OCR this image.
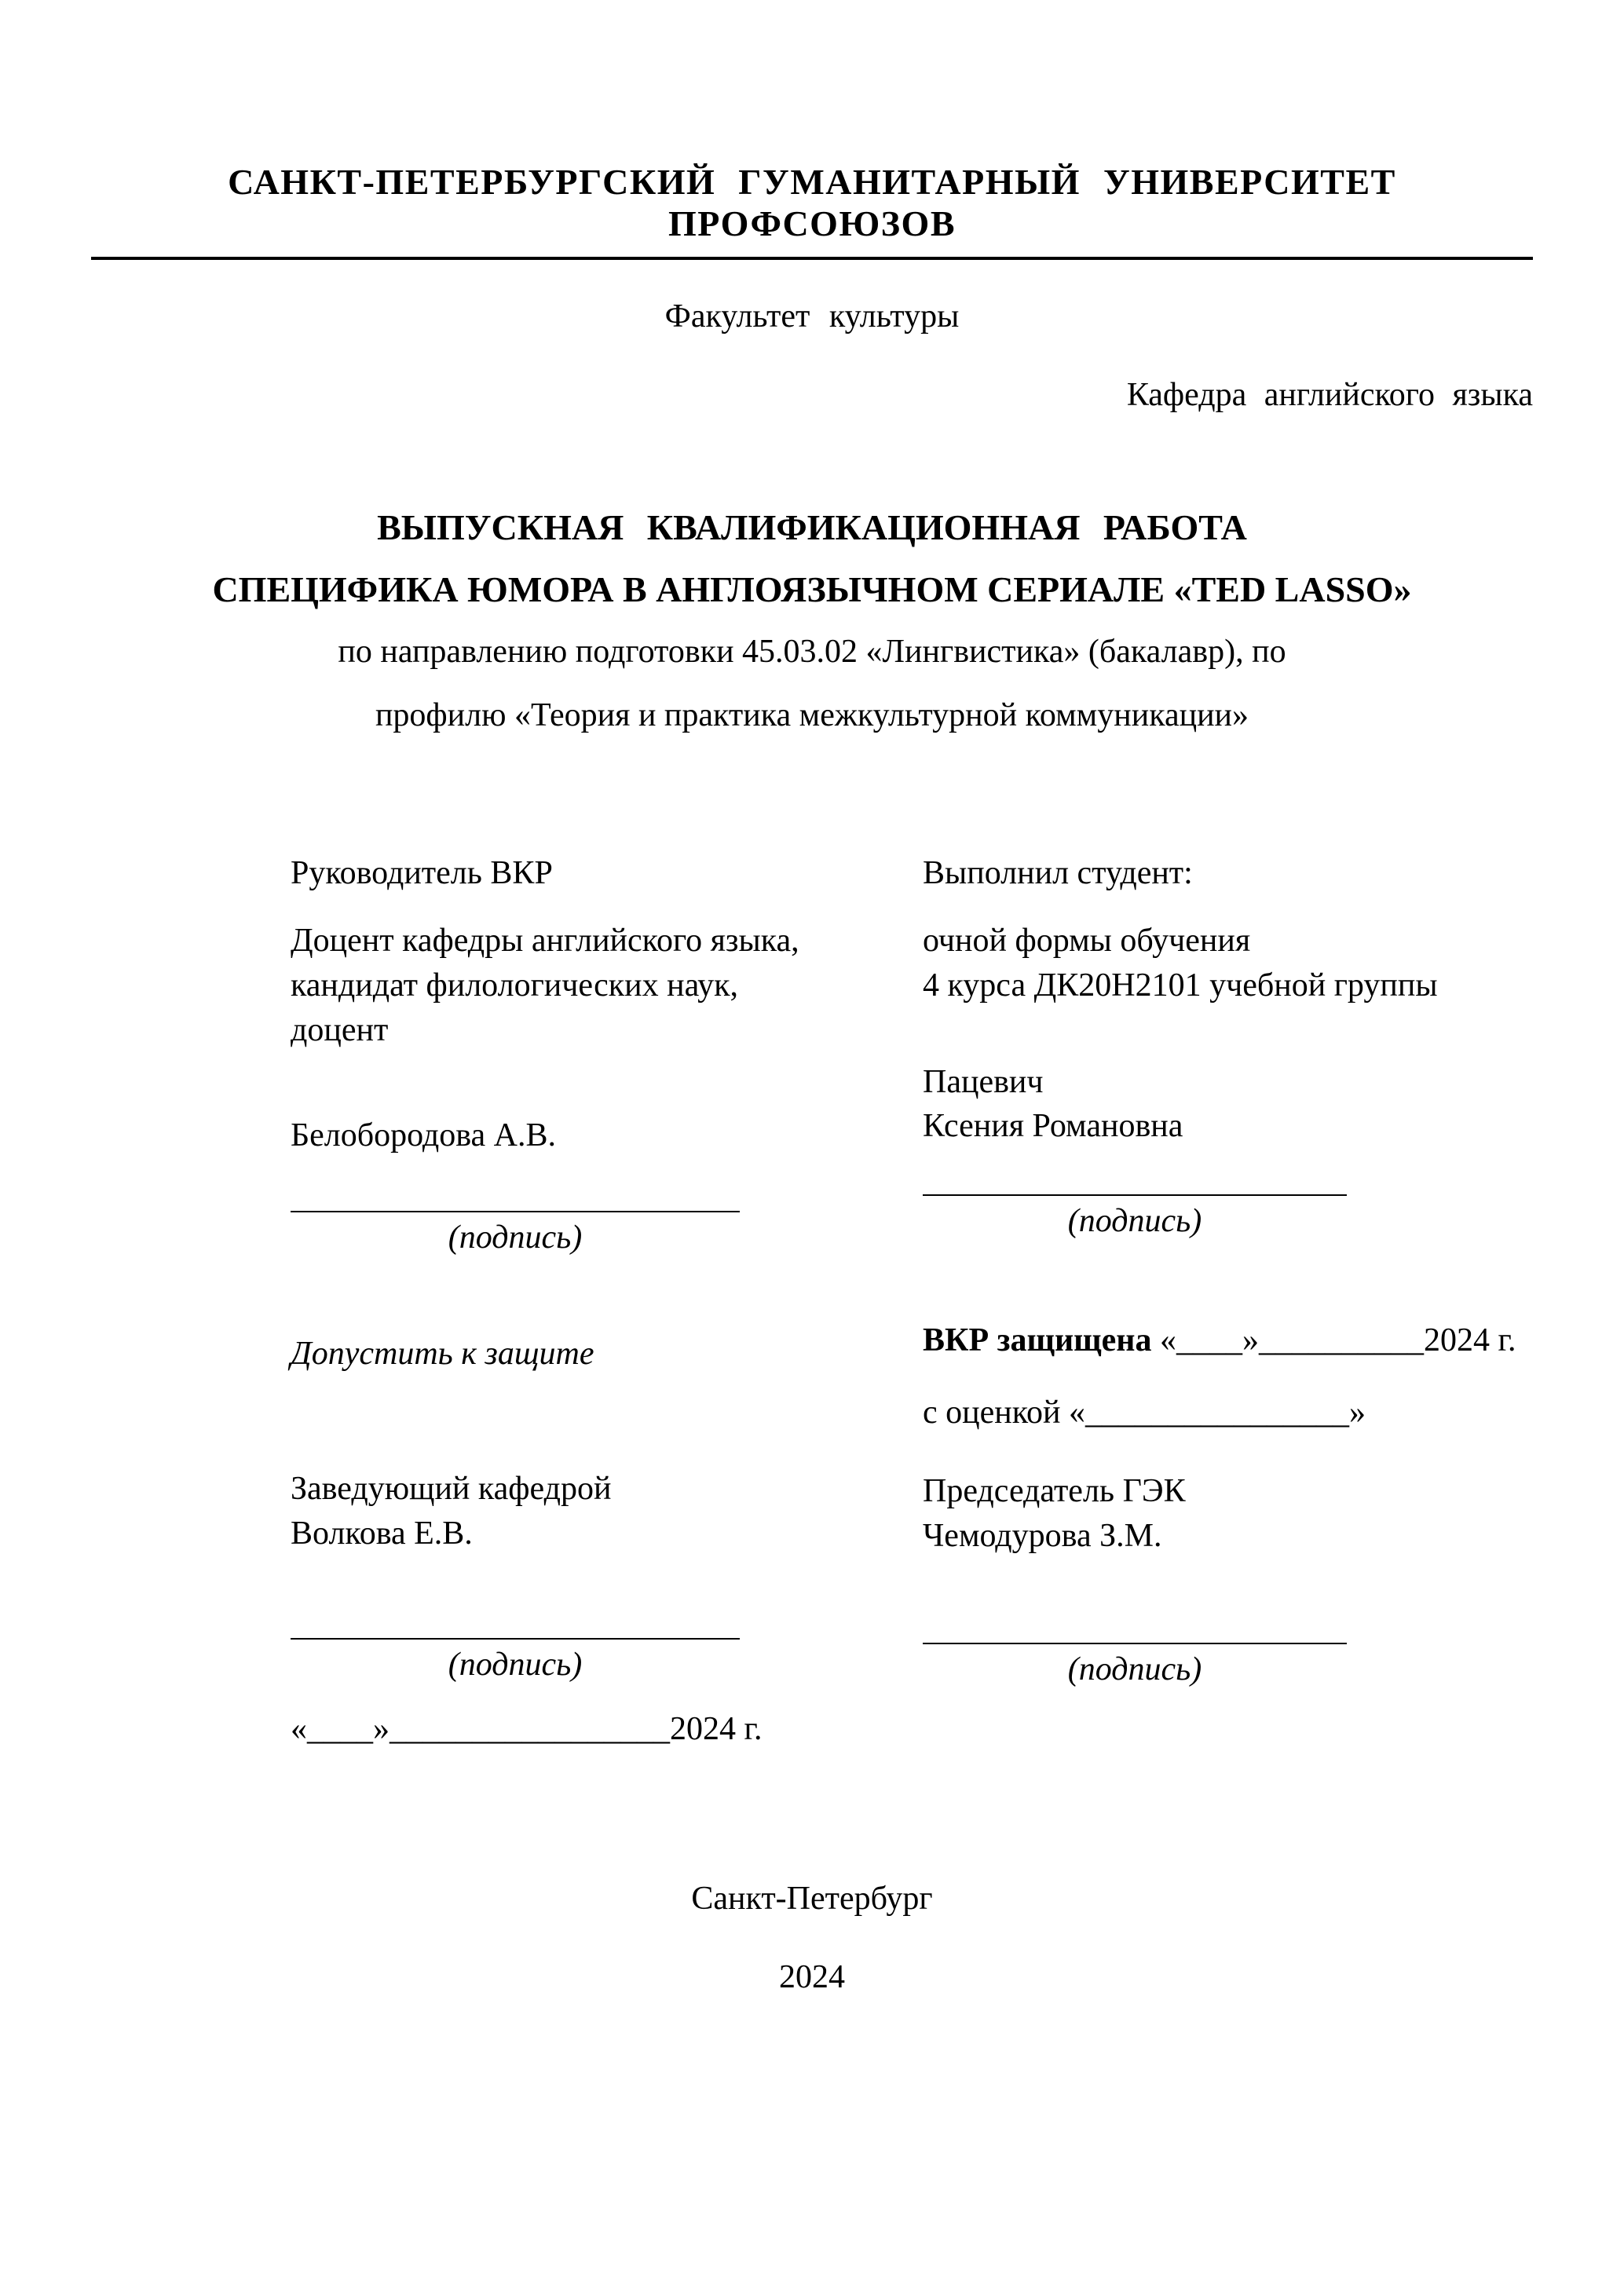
САНКТ-ПЕТЕРБУРГСКИЙ ГУМАНИТАРНЫЙ УНИВЕРСИТЕТ ПРОФСОЮЗОВ
Факультет культуры
Кафедра английского языка
ВЫПУСКНАЯ КВАЛИФИКАЦИОННАЯ РАБОТА
СПЕЦИФИКА ЮМОРА В АНГЛОЯЗЫЧНОМ СЕРИАЛЕ «TED LASSO»
по направлению подготовки 45.03.02 «Лингвистика» (бакалавр), по
профилю «Теория и практика межкультурной коммуникации»
Руководитель ВКР
Доцент кафедры английского языка,
кандидат филологических наук,
доцент
Белобородова А.В.
(подпись)
Допустить к защите
Заведующий кафедрой
Волкова Е.В.
(подпись)
«____»_________________2024 г.
Выполнил студент:
очной формы обучения
4 курса ДК20Н2101 учебной группы
Пацевич
Ксения Романовна
(подпись)
ВКР защищена «____»__________2024 г.
с оценкой «________________»
Председатель ГЭК
Чемодурова З.М.
(подпись)
Санкт-Петербург
2024
